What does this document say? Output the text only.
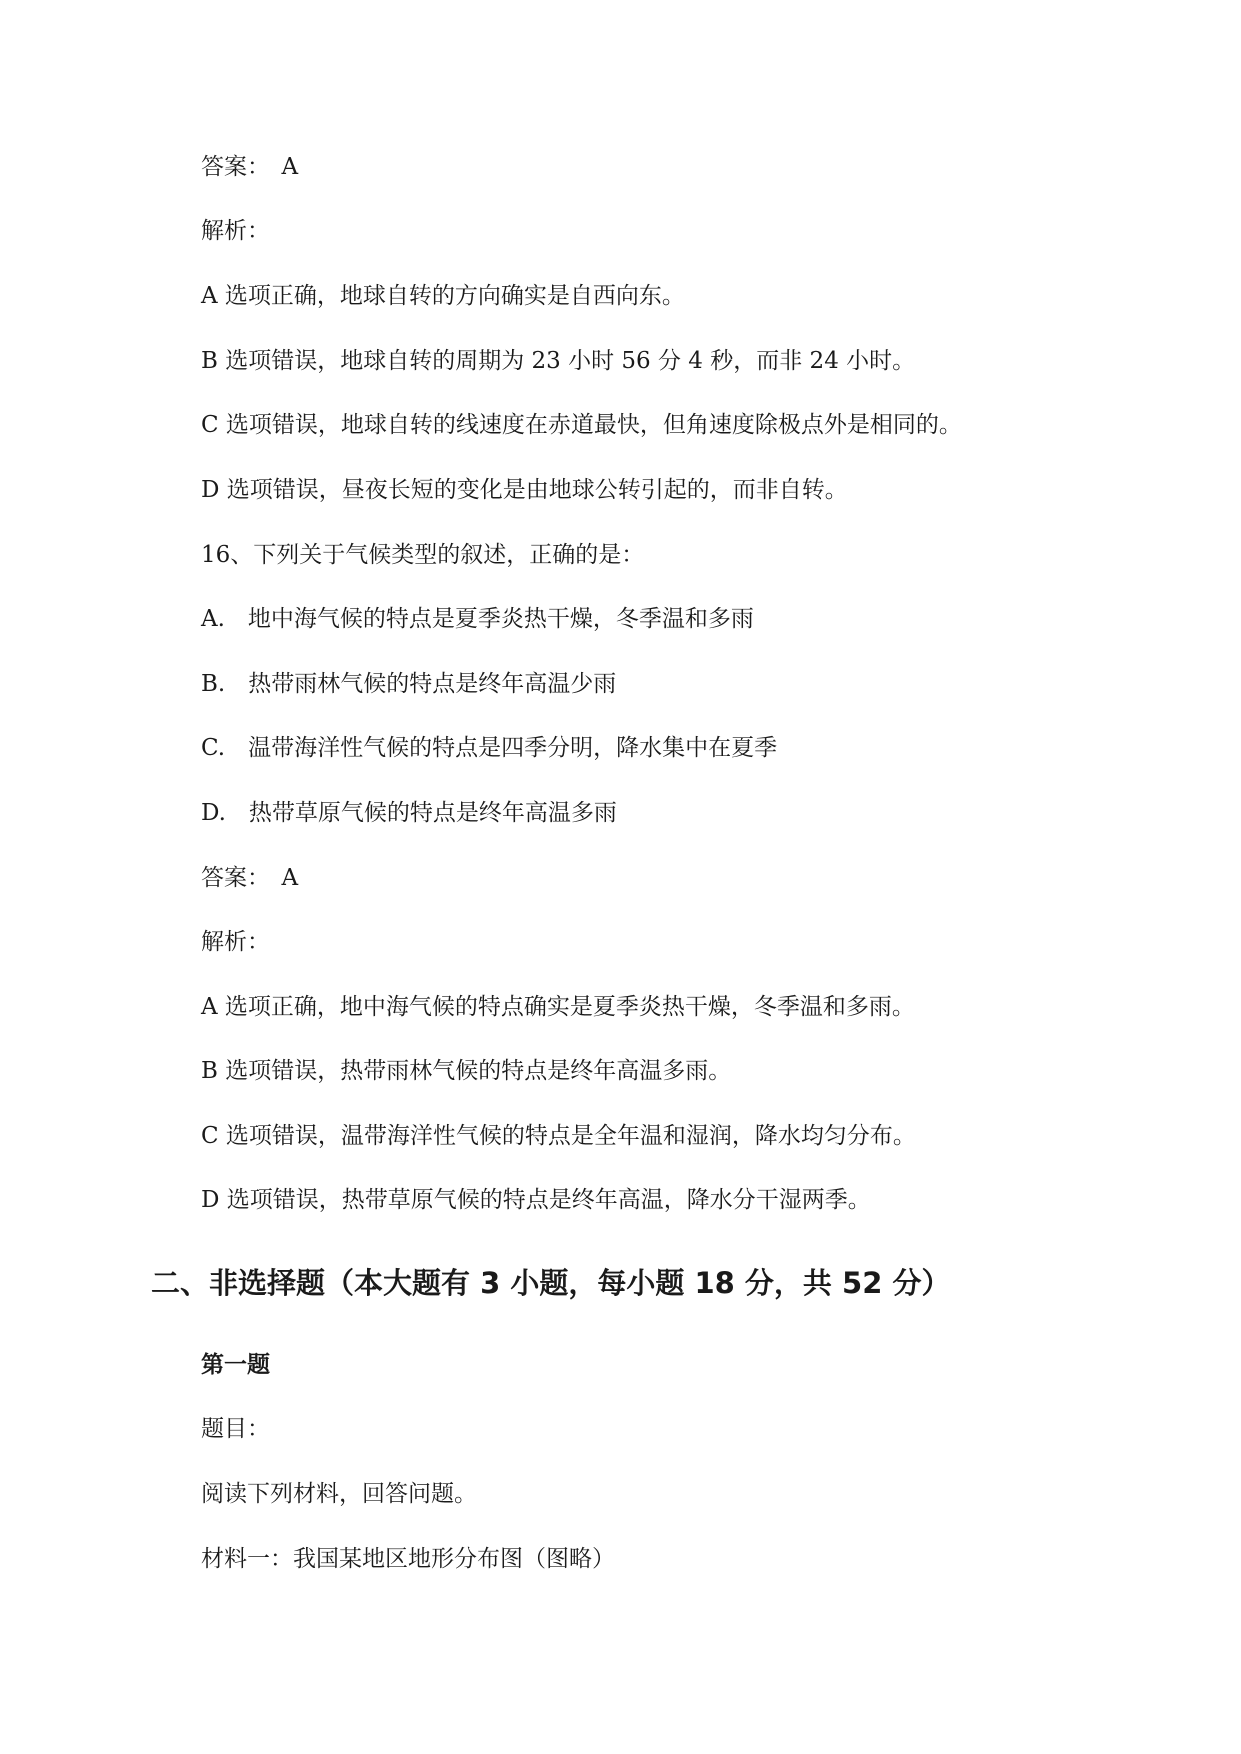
答案：　A
解析：
A 选项正确，地球自转的方向确实是自西向东。
B 选项错误，地球自转的周期为 23 小时 56 分 4 秒，而非 24 小时。
C 选项错误，地球自转的线速度在赤道最快，但角速度除极点外是相同的。
D 选项错误，昼夜长短的变化是由地球公转引起的，而非自转。
16、下列关于气候类型的叙述，正确的是：
A.　地中海气候的特点是夏季炎热干燥，冬季温和多雨
B.　热带雨林气候的特点是终年高温少雨
C.　温带海洋性气候的特点是四季分明，降水集中在夏季
D.　热带草原气候的特点是终年高温多雨
答案：　A
解析：
A 选项正确，地中海气候的特点确实是夏季炎热干燥，冬季温和多雨。
B 选项错误，热带雨林气候的特点是终年高温多雨。
C 选项错误，温带海洋性气候的特点是全年温和湿润，降水均匀分布。
D 选项错误，热带草原气候的特点是终年高温，降水分干湿两季。
二、非选择题（本大题有 3 小题，每小题 18 分，共 52 分）
第一题
题目：
阅读下列材料，回答问题。
材料一：我国某地区地形分布图（图略）
